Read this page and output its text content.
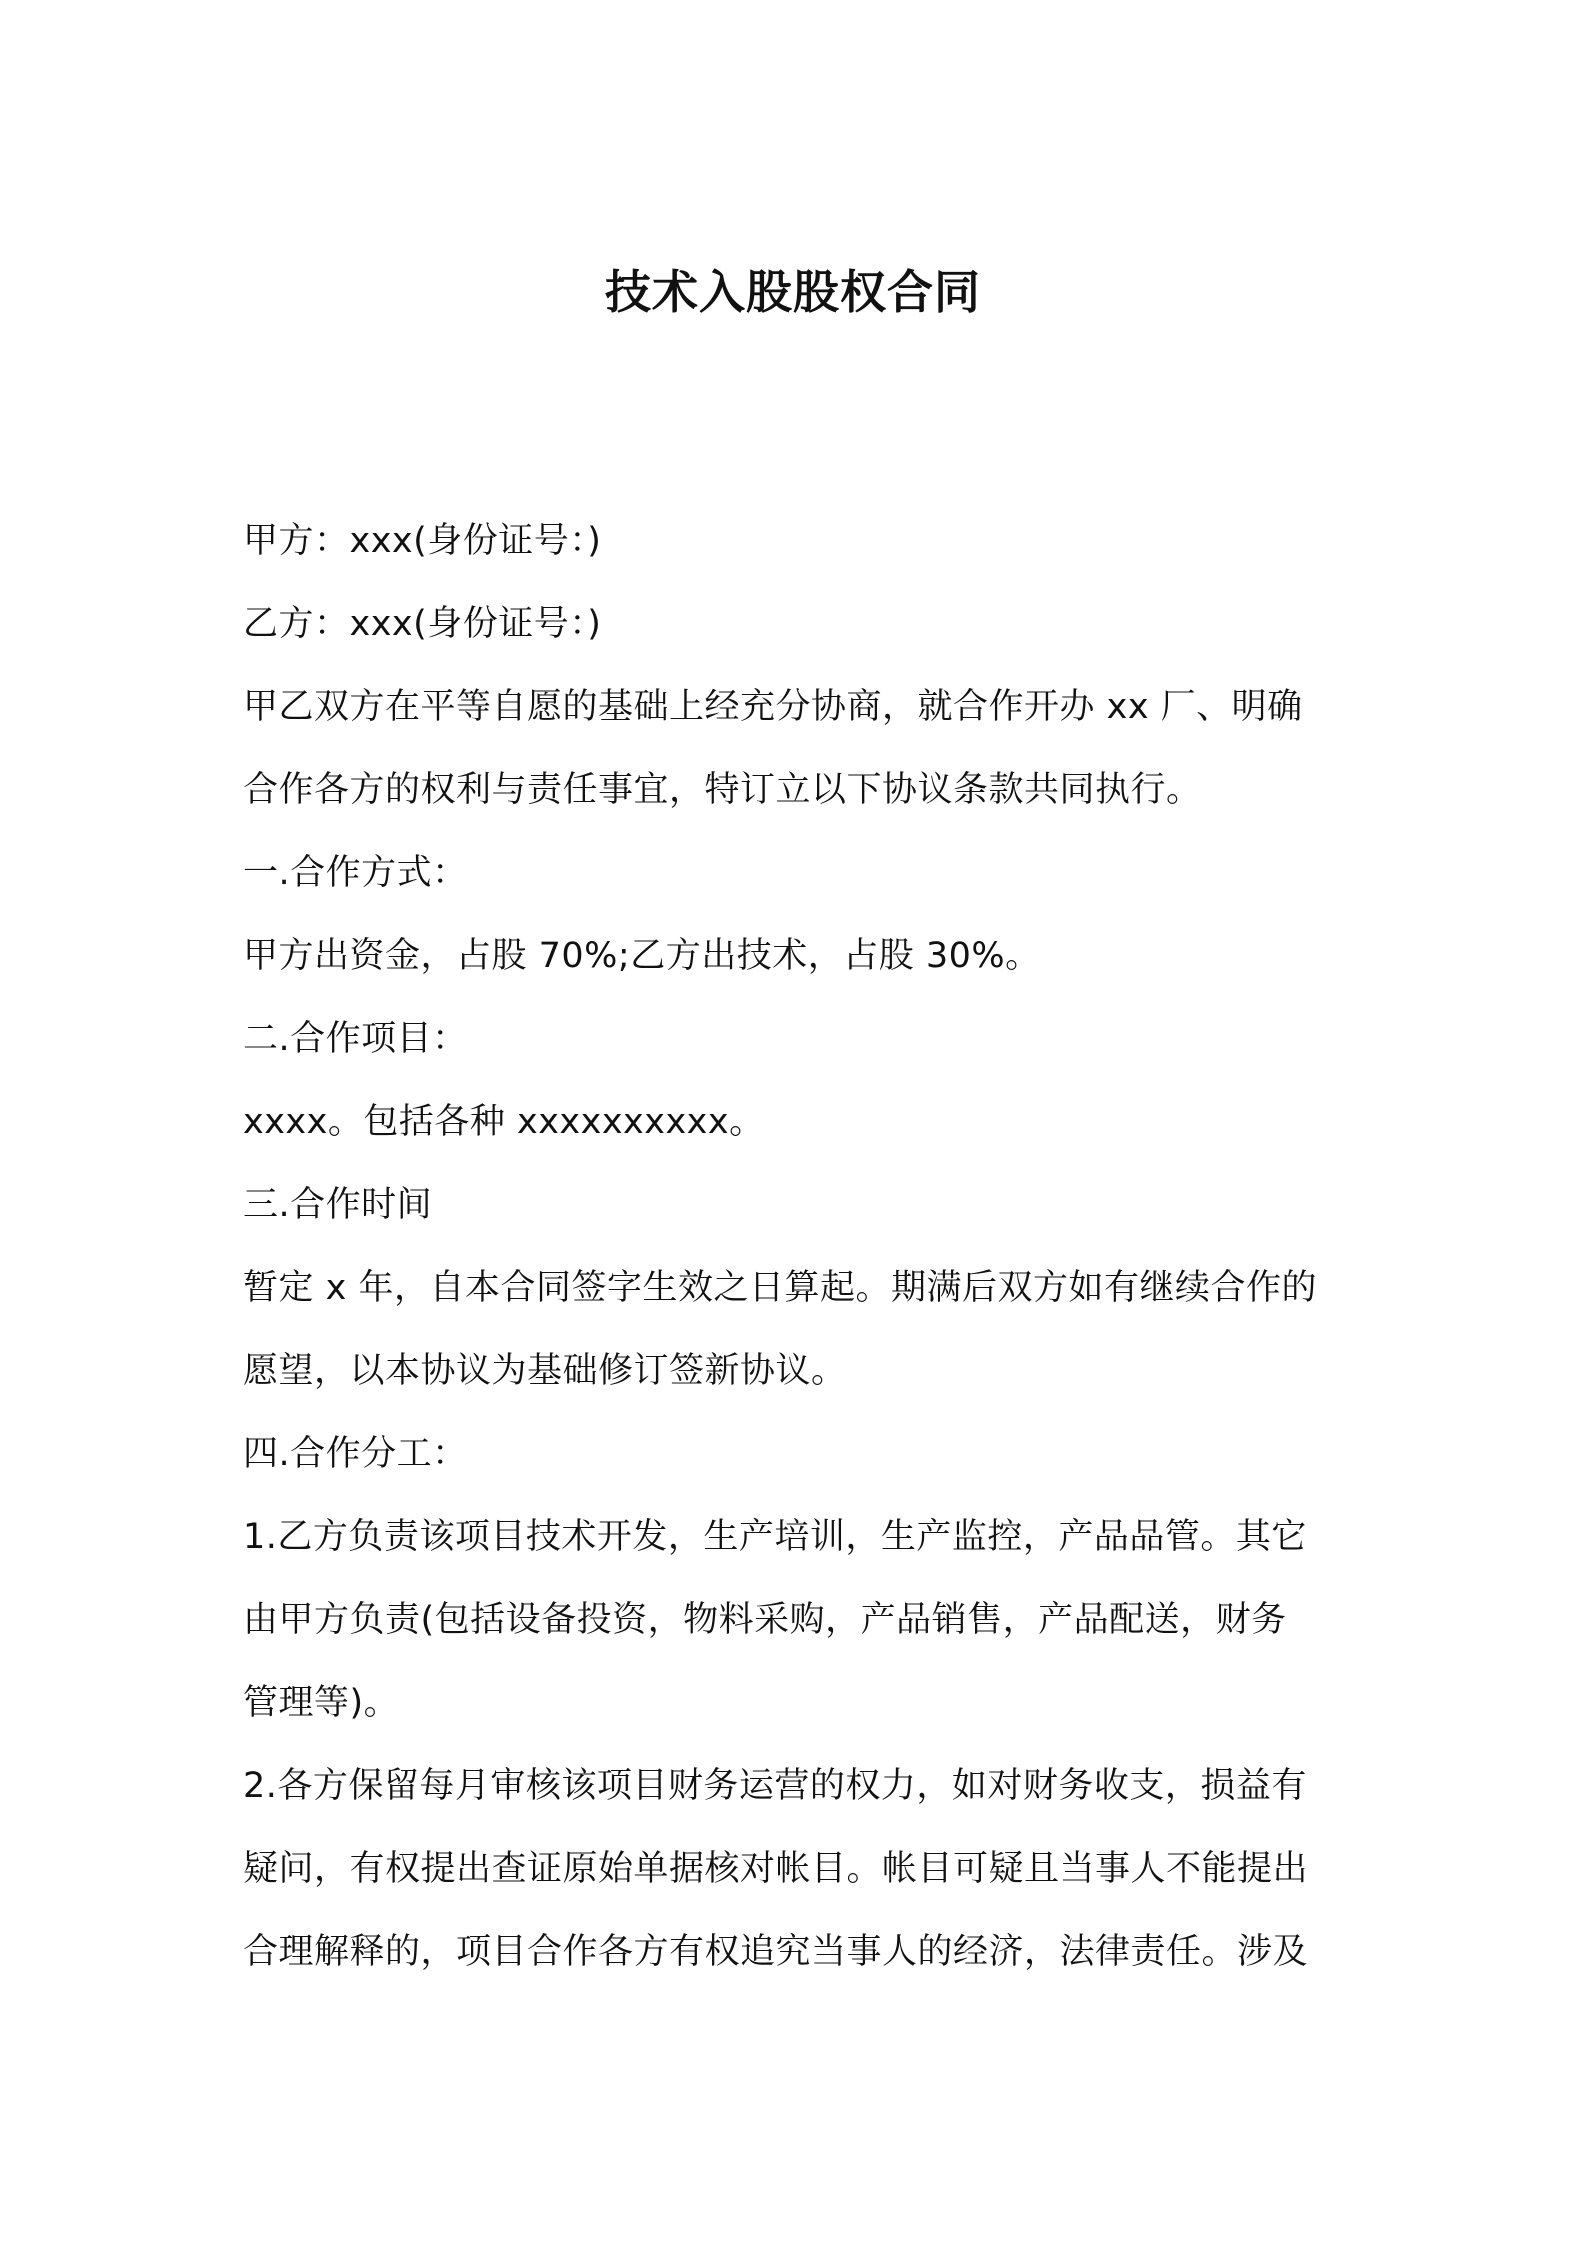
技术入股股权合同
甲方：xxx(身份证号：)
乙方：xxx(身份证号：)
甲乙双方在平等自愿的基础上经充分协商，就合作开办 xx 厂、明确
合作各方的权利与责任事宜，特订立以下协议条款共同执行。
一.合作方式：
甲方出资金，占股 70%;乙方出技术，占股 30%。
二.合作项目：
xxxx。包括各种 xxxxxxxxxx。
三.合作时间
暂定 x 年，自本合同签字生效之日算起。期满后双方如有继续合作的
愿望，以本协议为基础修订签新协议。
四.合作分工：
1.乙方负责该项目技术开发，生产培训，生产监控，产品品管。其它
由甲方负责(包括设备投资，物料采购，产品销售，产品配送，财务
管理等)。
2.各方保留每月审核该项目财务运营的权力，如对财务收支，损益有
疑问，有权提出查证原始单据核对帐目。帐目可疑且当事人不能提出
合理解释的，项目合作各方有权追究当事人的经济，法律责任。涉及
